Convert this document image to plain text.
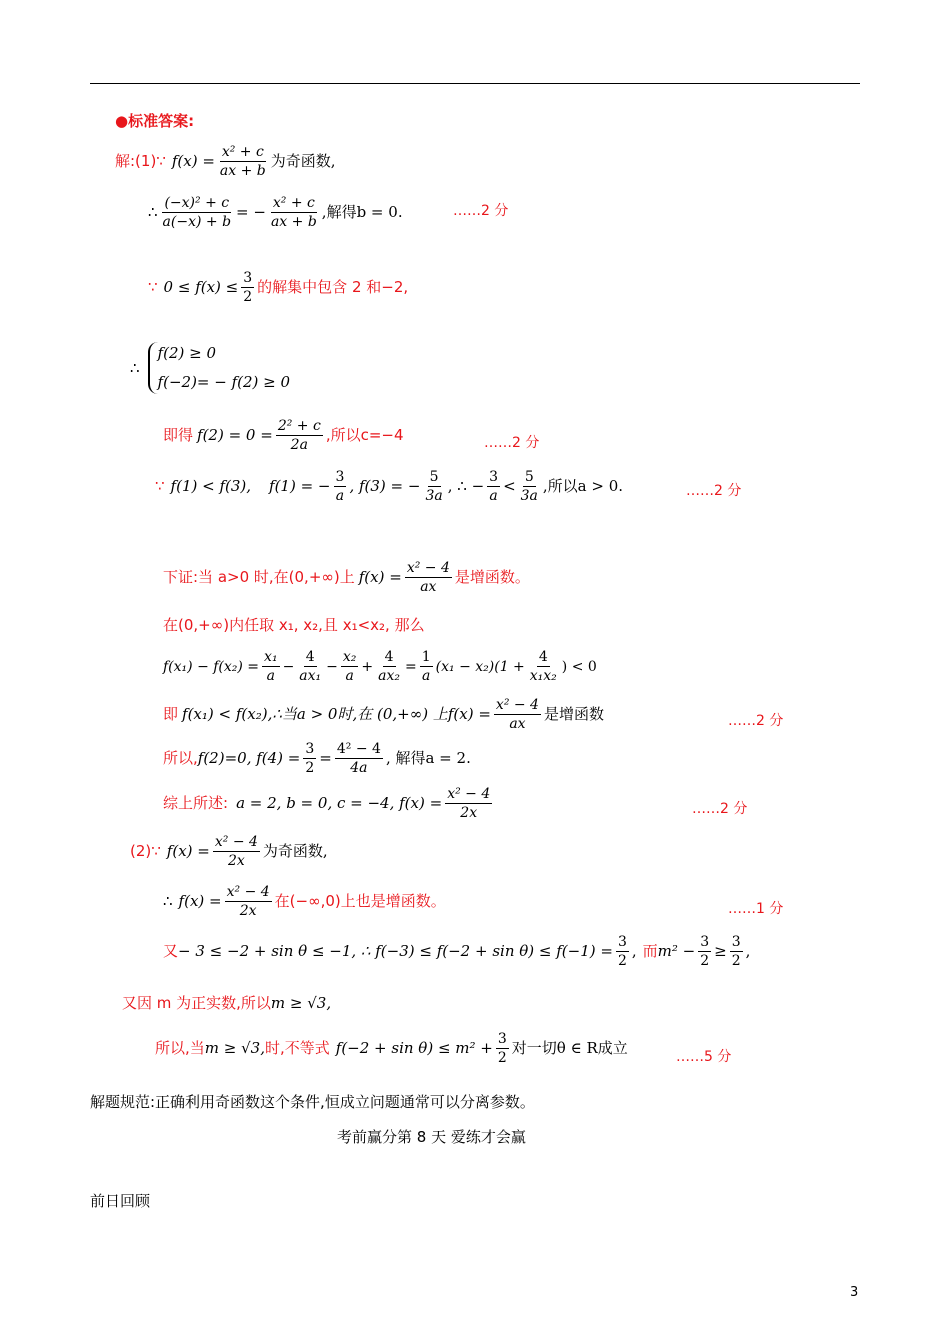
●标准答案:
解:(1)∵ $f(x) = \frac{\text{x² + c}}{ax + b}$ 为奇函数,
∴ $\frac{\text{(−x)² + c}}{a(-x) + b}$ = − $\frac{\text{x² + c}}{ax + b}$ ,解得b = 0.	……2 分
∵ $0 \le f(x) \le \frac{3}{2}$ 的解集中包含 2 和−2,
∴
f(2) ≥ 0
f(−2)= − f(2) ≥ 0
即得 $f(2) = 0 = \frac{\text{2² + c}}{2a}$ ,所以c=−4	……2 分
∵ f(1) < f(3), f(1) = − $\frac{3}{a}$ , f(3) = − $\frac{5}{3a}$ , ∴ − $\frac{3}{a} < \frac{5}{3a}$ ,所以a > 0.	……2 分
下证:当 a>0 时,在(0,+∞)上 $f(x) = \frac{\text{x² − 4}}{ax}$ 是增函数。
在(0,+∞)内任取 x₁, x₂,且 x₁<x₂, 那么
$f(x_1) - f(x_2) = \frac{\text{x₁}}{a} - \frac{4}{\text{ax₁}} - \frac{\text{x₂}}{a} + \frac{4}{\text{ax₂}} = \frac{1}{a} (x_1 - x_2)(1 + \frac{4}{\text{x₁x₂}}$ ) < 0
即 f(x₁) < f(x₂),∴当a > 0时,在 (0,+∞) 上$f(x) = \frac{\text{x² − 4}}{ax}$ 是增函数	……2 分
所以, f(2)=0, $f(4) = \frac{3}{2} = \frac{\text{4² − 4}}{4a}$ , 解得a = 2.
综上所述: a = 2, b = 0, c = −4, $f(x) = \frac{\text{x² − 4}}{2x}$	……2 分
(2)∵ $f(x) = \frac{\text{x² − 4}}{2x}$ 为奇函数,
∴ $f(x) = \frac{\text{x² − 4}}{2x}$ 在(−∞,0)上也是增函数。	……1 分
又 − 3 ≤ −2 + sin θ ≤ −1, ∴ $f(-3) \le f(-2 + \sin \theta) \le f(-1) = \frac{3}{2}$ , 而 $m^2 - \frac{3}{2} \ge \frac{3}{2}$ ,
又因 m 为正实数,所以 m ≥ √3,
所以,当 m ≥ √3, 时,不等式 $f(-2 + \sin \theta) \le m^2 + \frac{3}{2}$ 对一切θ ∈ R成立	……5 分
解题规范:正确利用奇函数这个条件,恒成立问题通常可以分离参数。
考前赢分第 8 天 爱练才会赢
前日回顾
3
